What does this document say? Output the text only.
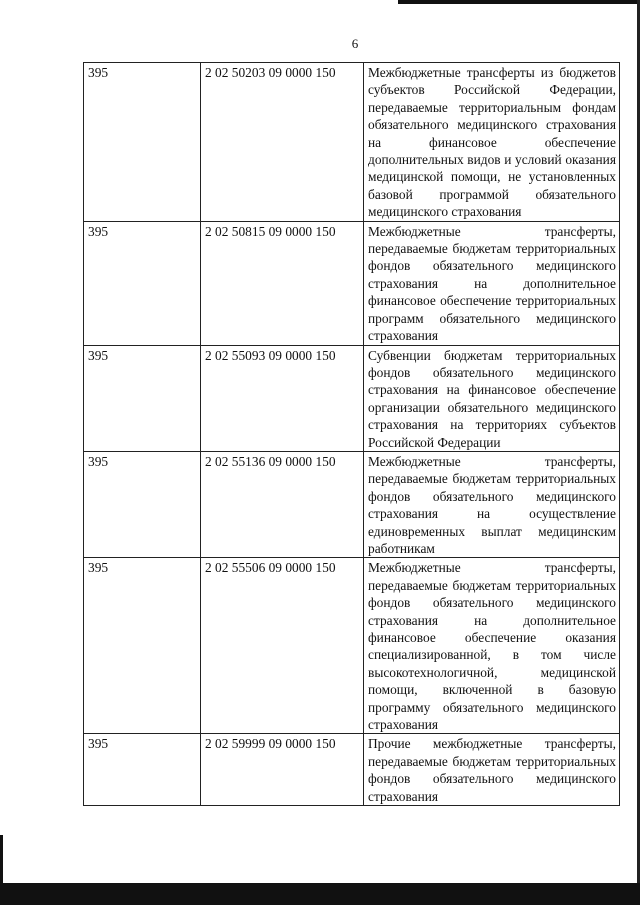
6
395	2 02 50203 09 0000 150	Межбюджетные трансферты из бюджетов субъектов Российской Федерации, передаваемые территориальным фондам обязательного медицинского страхования на финансовое обеспечение дополнительных видов и условий оказания медицинской помощи, не установленных базовой программой обязательного медицинского страхования
395	2 02 50815 09 0000 150	Межбюджетные трансферты, передаваемые бюджетам территориальных фондов обязательного медицинского страхования на дополнительное финансовое обеспечение территориальных программ обязательного медицинского страхования
395	2 02 55093 09 0000 150	Субвенции бюджетам территориальных фондов обязательного медицинского страхования на финансовое обеспечение организации обязательного медицинского страхования на территориях субъектов Российской Федерации
395	2 02 55136 09 0000 150	Межбюджетные трансферты, передаваемые бюджетам территориальных фондов обязательного медицинского страхования на осуществление единовременных выплат медицинским работникам
395	2 02 55506 09 0000 150	Межбюджетные трансферты, передаваемые бюджетам территориальных фондов обязательного медицинского страхования на дополнительное финансовое обеспечение оказания специализированной, в том числе высокотехнологичной, медицинской помощи, включенной в базовую программу обязательного медицинского страхования
395	2 02 59999 09 0000 150	Прочие межбюджетные трансферты, передаваемые бюджетам территориальных фондов обязательного медицинского страхования
